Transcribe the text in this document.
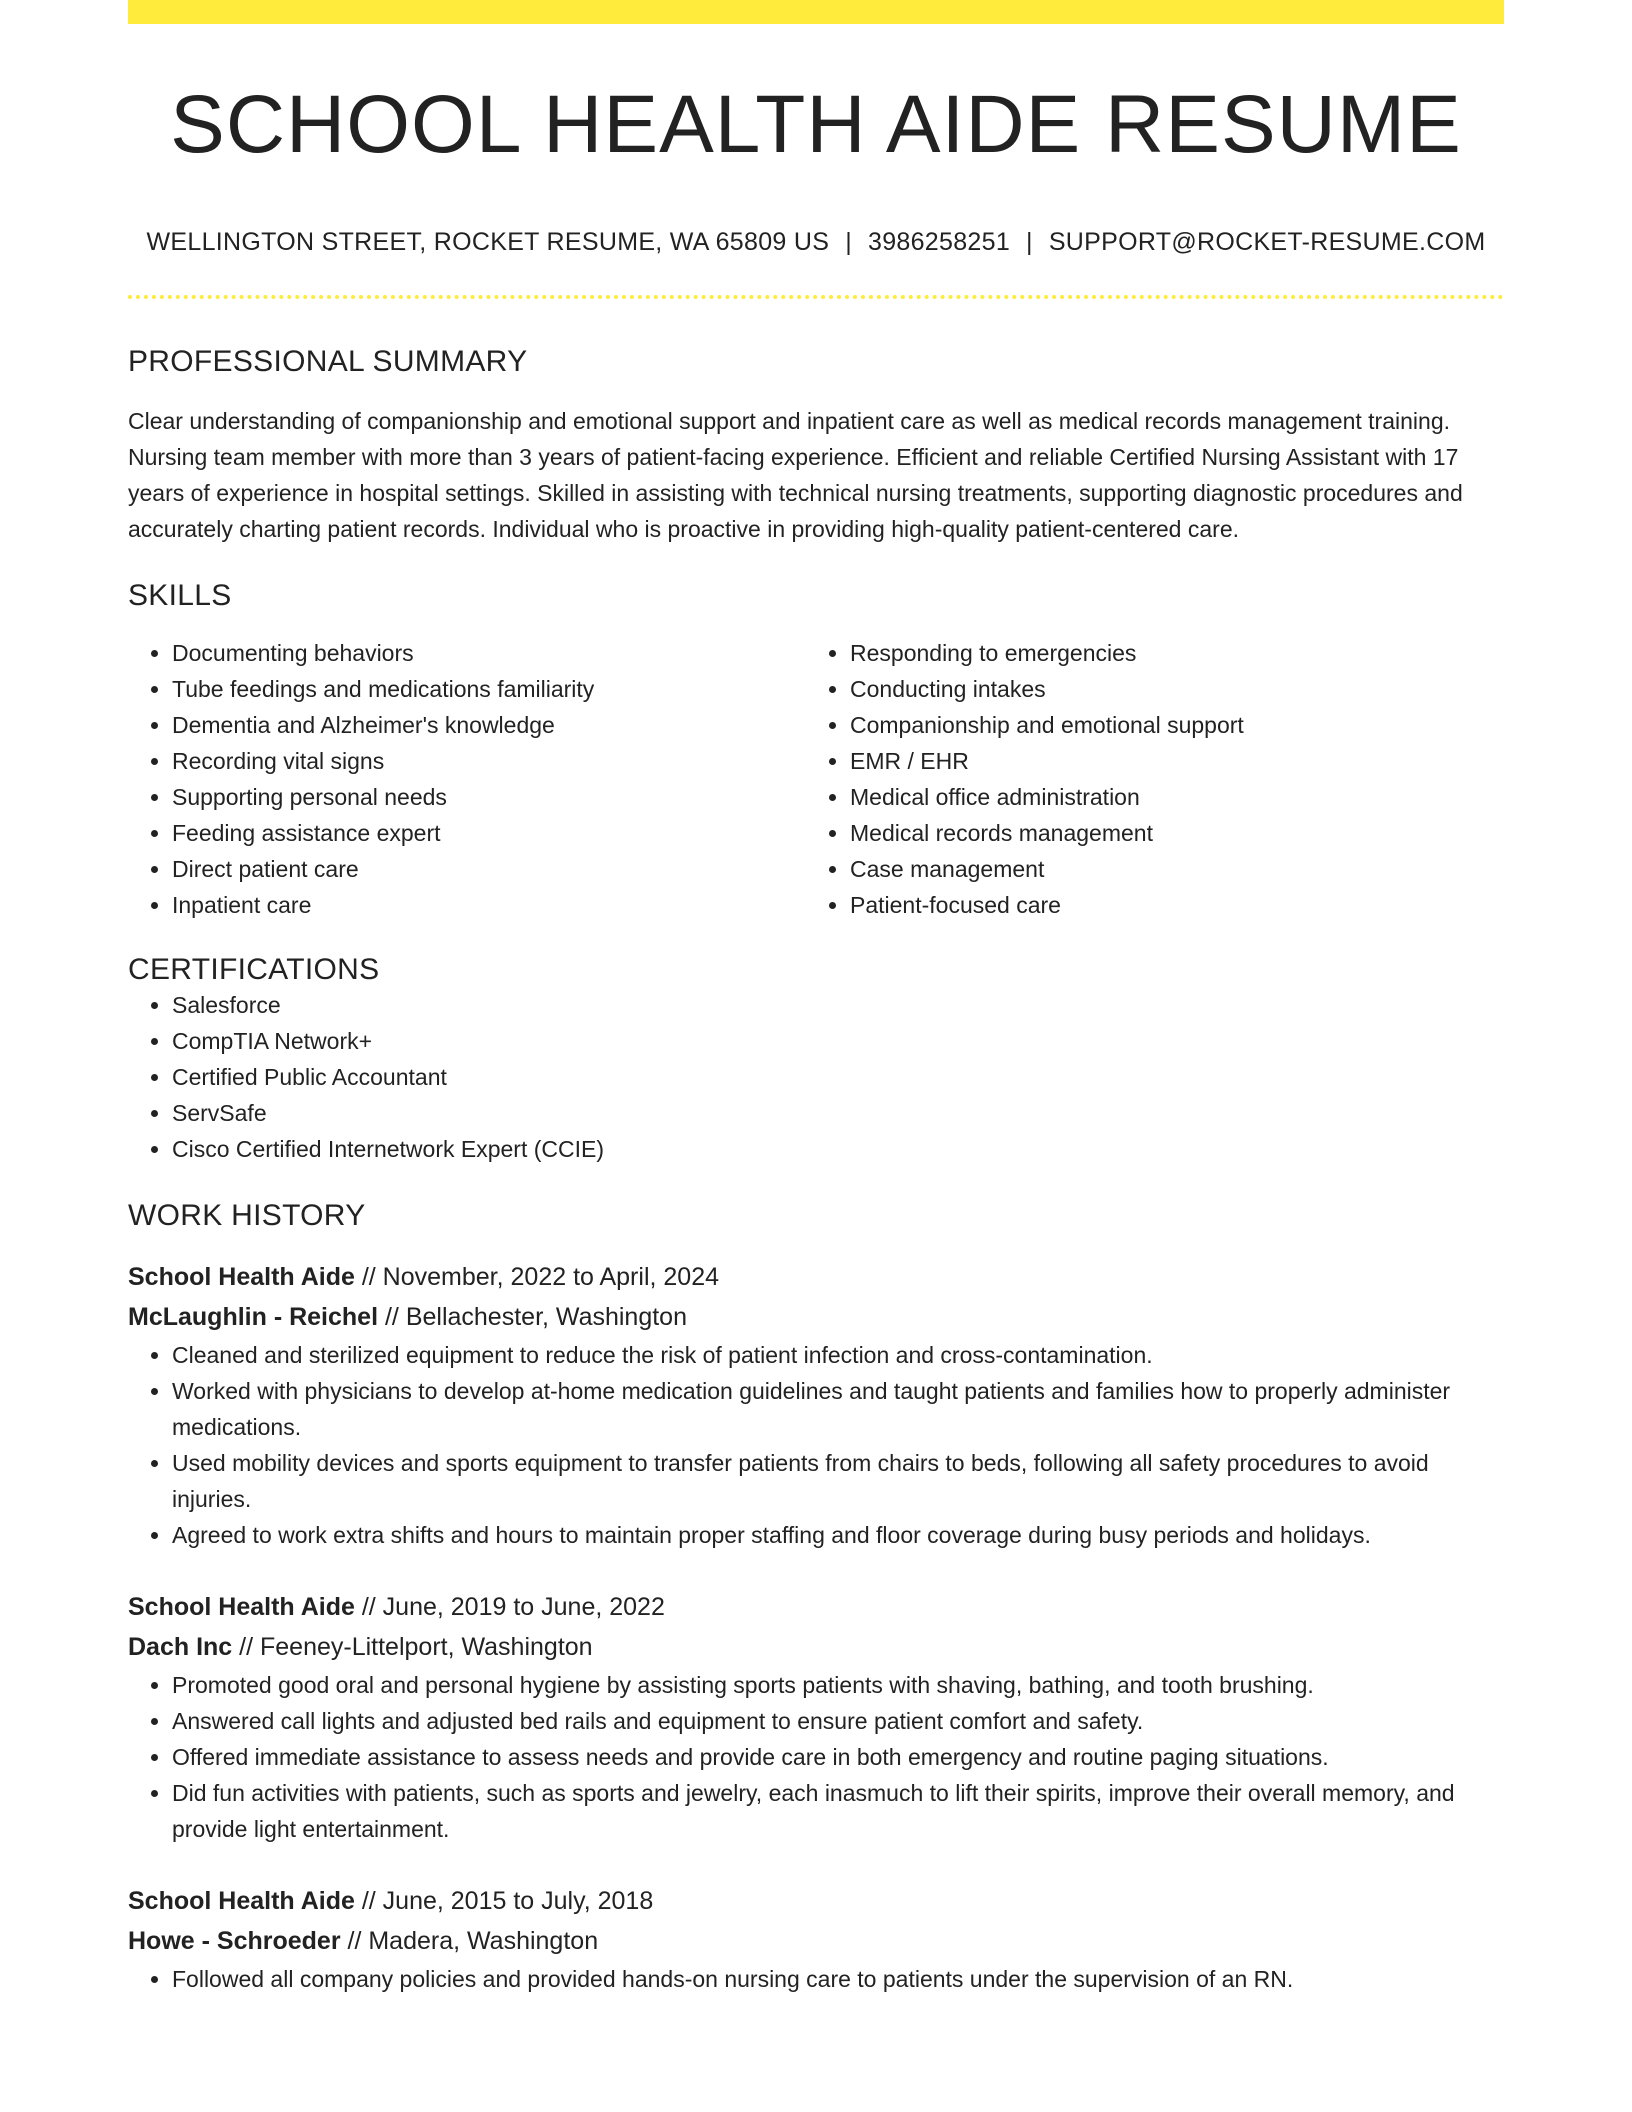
SCHOOL HEALTH AIDE RESUME
WELLINGTON STREET, ROCKET RESUME, WA 65809 US | 3986258251 | SUPPORT@ROCKET-RESUME.COM
PROFESSIONAL SUMMARY

Clear understanding of companionship and emotional support and inpatient care as well as medical records management training. Nursing team member with more than 3 years of patient-facing experience. Efficient and reliable Certified Nursing Assistant with 17 years of experience in hospital settings. Skilled in assisting with technical nursing treatments, supporting diagnostic procedures and accurately charting patient records. Individual who is proactive in providing high-quality patient-centered care.

SKILLS
• Documenting behaviors
• Tube feedings and medications familiarity
• Dementia and Alzheimer's knowledge
• Recording vital signs
• Supporting personal needs
• Feeding assistance expert
• Direct patient care
• Inpatient care
• Responding to emergencies
• Conducting intakes
• Companionship and emotional support
• EMR / EHR
• Medical office administration
• Medical records management
• Case management
• Patient-focused care
CERTIFICATIONS
• Salesforce
• CompTIA Network+
• Certified Public Accountant
• ServSafe
• Cisco Certified Internetwork Expert (CCIE)
WORK HISTORY
School Health Aide // November, 2022 to April, 2024
McLaughlin - Reichel // Bellachester, Washington
• Cleaned and sterilized equipment to reduce the risk of patient infection and cross-contamination.
• Worked with physicians to develop at-home medication guidelines and taught patients and families how to properly administer medications.
• Used mobility devices and sports equipment to transfer patients from chairs to beds, following all safety procedures to avoid injuries.
• Agreed to work extra shifts and hours to maintain proper staffing and floor coverage during busy periods and holidays.
School Health Aide // June, 2019 to June, 2022
Dach Inc // Feeney-Littelport, Washington
• Promoted good oral and personal hygiene by assisting sports patients with shaving, bathing, and tooth brushing.
• Answered call lights and adjusted bed rails and equipment to ensure patient comfort and safety.
• Offered immediate assistance to assess needs and provide care in both emergency and routine paging situations.
• Did fun activities with patients, such as sports and jewelry, each inasmuch to lift their spirits, improve their overall memory, and provide light entertainment.
School Health Aide // June, 2015 to July, 2018
Howe - Schroeder // Madera, Washington
• Followed all company policies and provided hands-on nursing care to patients under the supervision of an RN.
